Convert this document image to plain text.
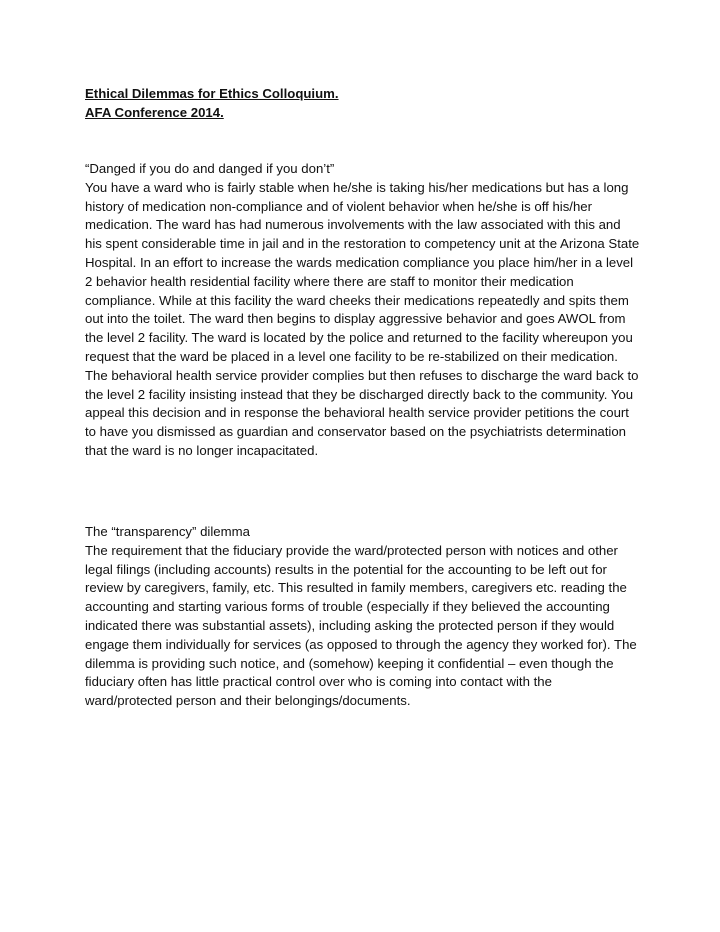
Ethical Dilemmas for Ethics Colloquium.

AFA Conference 2014.

“Danged if you do and danged if you don’t”
You have a ward who is fairly stable when he/she is taking his/her medications but has a long history of medication non-compliance and of violent behavior when he/she is off his/her medication. The ward has had numerous involvements with the law associated with this and his spent considerable time in jail and in the restoration to competency unit at the Arizona State Hospital. In an effort to increase the wards medication compliance you place him/her in a level 2 behavior health residential facility where there are staff to monitor their medication compliance. While at this facility the ward cheeks their medications repeatedly and spits them out into the toilet. The ward then begins to display aggressive behavior and goes AWOL from the level 2 facility. The ward is located by the police and returned to the facility whereupon you request that the ward be placed in a level one facility to be re-stabilized on their medication. The behavioral health service provider complies but then refuses to discharge the ward back to the level 2 facility insisting instead that they be discharged directly back to the community. You appeal this decision and in response the behavioral health service provider petitions the court to have you dismissed as guardian and conservator based on the psychiatrists determination that the ward is no longer incapacitated.
The “transparency” dilemma
The requirement that the fiduciary provide the ward/protected person with notices and other legal filings (including accounts) results in the potential for the accounting to be left out for review by caregivers, family, etc. This resulted in family members, caregivers etc. reading the accounting and starting various forms of trouble (especially if they believed the accounting indicated there was substantial assets), including asking the protected person if they would engage them individually for services (as opposed to through the agency they worked for). The dilemma is providing such notice, and (somehow) keeping it confidential – even though the fiduciary often has little practical control over who is coming into contact with the ward/protected person and their belongings/documents.
